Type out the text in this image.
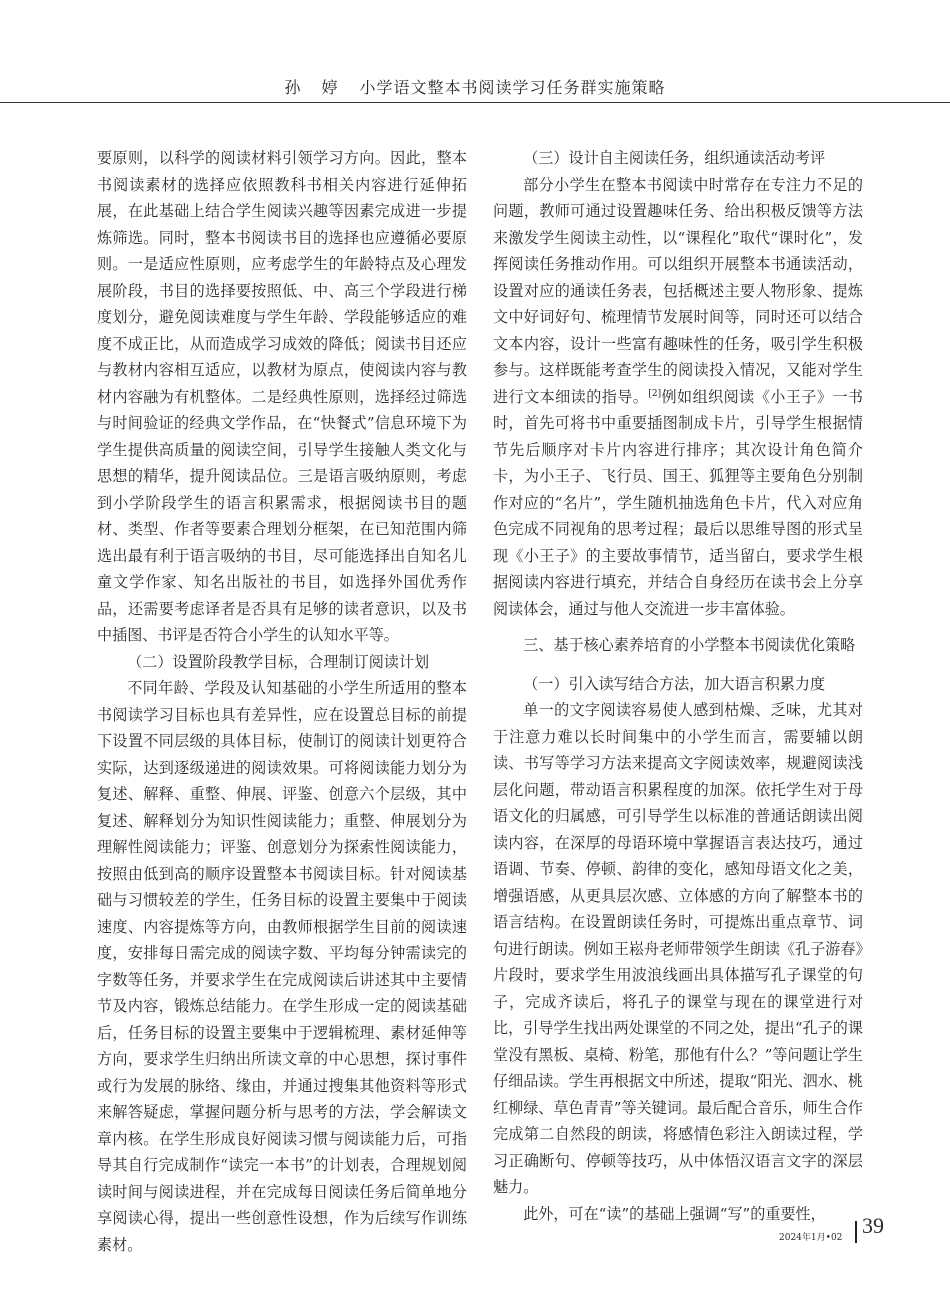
孙 婷 小学语文整本书阅读学习任务群实施策略

要原则，以科学的阅读材料引领学习方向。因此，整本书阅读素材的选择应依照教科书相关内容进行延伸拓展，在此基础上结合学生阅读兴趣等因素完成进一步提炼筛选。同时，整本书阅读书目的选择也应遵循必要原则。一是适应性原则，应考虑学生的年龄特点及心理发展阶段，书目的选择要按照低、中、高三个学段进行梯度划分，避免阅读难度与学生年龄、学段能够适应的难度不成正比，从而造成学习成效的降低；阅读书目还应与教材内容相互适应，以教材为原点，使阅读内容与教材内容融为有机整体。二是经典性原则，选择经过筛选与时间验证的经典文学作品，在“快餐式”信息环境下为学生提供高质量的阅读空间，引导学生接触人类文化与思想的精华，提升阅读品位。三是语言吸纳原则，考虑到小学阶段学生的语言积累需求，根据阅读书目的题材、类型、作者等要素合理划分框架，在已知范围内筛选出最有利于语言吸纳的书目，尽可能选择出自知名儿童文学作家、知名出版社的书目，如选择外国优秀作品，还需要考虑译者是否具有足够的读者意识，以及书中插图、书评是否符合小学生的认知水平等。

（二）设置阶段教学目标，合理制订阅读计划

不同年龄、学段及认知基础的小学生所适用的整本书阅读学习目标也具有差异性，应在设置总目标的前提下设置不同层级的具体目标，使制订的阅读计划更符合实际，达到逐级递进的阅读效果。可将阅读能力划分为复述、解释、重整、伸展、评鉴、创意六个层级，其中复述、解释划分为知识性阅读能力；重整、伸展划分为理解性阅读能力；评鉴、创意划分为探索性阅读能力，按照由低到高的顺序设置整本书阅读目标。针对阅读基础与习惯较差的学生，任务目标的设置主要集中于阅读速度、内容提炼等方向，由教师根据学生目前的阅读速度，安排每日需完成的阅读字数、平均每分钟需读完的字数等任务，并要求学生在完成阅读后讲述其中主要情节及内容，锻炼总结能力。在学生形成一定的阅读基础后，任务目标的设置主要集中于逻辑梳理、素材延伸等方向，要求学生归纳出所读文章的中心思想，探讨事件或行为发展的脉络、缘由，并通过搜集其他资料等形式来解答疑虑，掌握问题分析与思考的方法，学会解读文章内核。在学生形成良好阅读习惯与阅读能力后，可指导其自行完成制作“读完一本书”的计划表，合理规划阅读时间与阅读进程，并在完成每日阅读任务后简单地分享阅读心得，提出一些创意性设想，作为后续写作训练素材。

（三）设计自主阅读任务，组织通读活动考评

部分小学生在整本书阅读中时常存在专注力不足的问题，教师可通过设置趣味任务、给出积极反馈等方法来激发学生阅读主动性，以“课程化”取代“课时化”，发挥阅读任务推动作用。可以组织开展整本书通读活动，设置对应的通读任务表，包括概述主要人物形象、提炼文中好词好句、梳理情节发展时间等，同时还可以结合文本内容，设计一些富有趣味性的任务，吸引学生积极参与。这样既能考查学生的阅读投入情况，又能对学生进行文本细读的指导。[2]例如组织阅读《小王子》一书时，首先可将书中重要插图制成卡片，引导学生根据情节先后顺序对卡片内容进行排序；其次设计角色简介卡，为小王子、飞行员、国王、狐狸等主要角色分别制作对应的“名片”，学生随机抽选角色卡片，代入对应角色完成不同视角的思考过程；最后以思维导图的形式呈现《小王子》的主要故事情节，适当留白，要求学生根据阅读内容进行填充，并结合自身经历在读书会上分享阅读体会，通过与他人交流进一步丰富体验。

三、基于核心素养培育的小学整本书阅读优化策略

（一）引入读写结合方法，加大语言积累力度

单一的文字阅读容易使人感到枯燥、乏味，尤其对于注意力难以长时间集中的小学生而言，需要辅以朗读、书写等学习方法来提高文字阅读效率，规避阅读浅层化问题，带动语言积累程度的加深。依托学生对于母语文化的归属感，可引导学生以标准的普通话朗读出阅读内容，在深厚的母语环境中掌握语言表达技巧，通过语调、节奏、停顿、韵律的变化，感知母语文化之美，增强语感，从更具层次感、立体感的方向了解整本书的语言结构。在设置朗读任务时，可提炼出重点章节、词句进行朗读。例如王崧舟老师带领学生朗读《孔子游春》片段时，要求学生用波浪线画出具体描写孔子课堂的句子，完成齐读后，将孔子的课堂与现在的课堂进行对比，引导学生找出两处课堂的不同之处，提出“孔子的课堂没有黑板、桌椅、粉笔，那他有什么？”等问题让学生仔细品读。学生再根据文中所述，提取“阳光、泗水、桃红柳绿、草色青青”等关键词。最后配合音乐，师生合作完成第二自然段的朗读，将感情色彩注入朗读过程，学习正确断句、停顿等技巧，从中体悟汉语言文字的深层魅力。

此外，可在“读”的基础上强调“写”的重要性，

2024年1月•02 39
